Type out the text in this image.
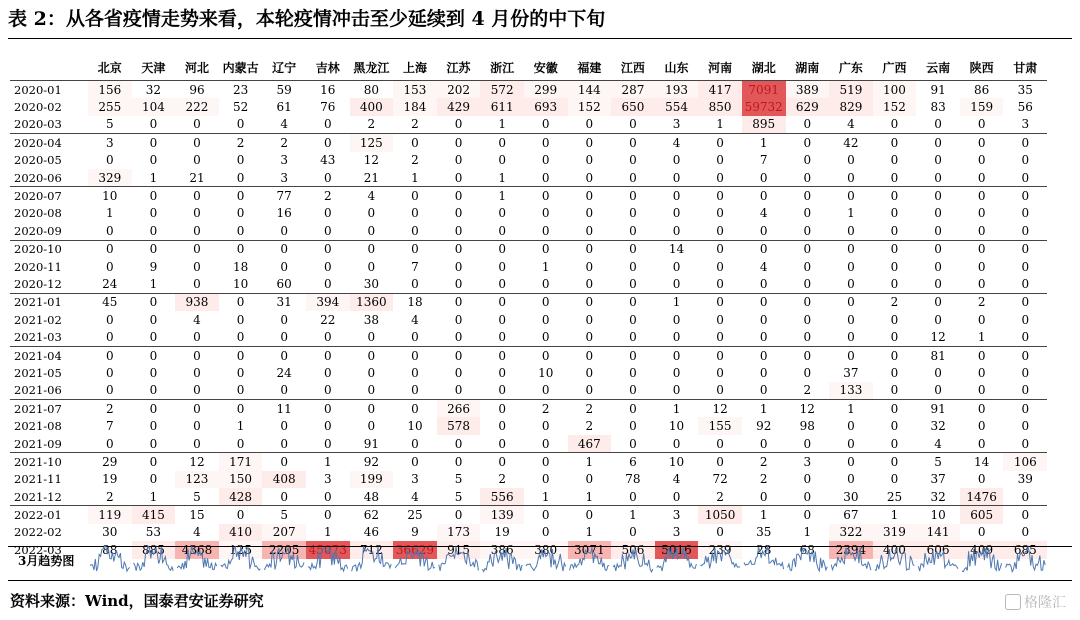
表 2：从各省疫情走势来看，本轮疫情冲击至少延续到 4 月份的中下旬
	北京	天津	河北	内蒙古	辽宁	吉林	黑龙江	上海	江苏	浙江	安徽	福建	江西	山东	河南	湖北	湖南	广东	广西	云南	陕西	甘肃
2020-01	156	32	96	23	59	16	80	153	202	572	299	144	287	193	417	7091	389	519	100	91	86	35
2020-02	255	104	222	52	61	76	400	184	429	611	693	152	650	554	850	59732	629	829	152	83	159	56
2020-03	5	0	0	0	4	0	2	2	0	1	0	0	0	3	1	895	0	4	0	0	0	3
2020-04	3	0	0	2	2	0	125	0	0	0	0	0	0	4	0	1	0	42	0	0	0	0
2020-05	0	0	0	0	3	43	12	2	0	0	0	0	0	0	0	7	0	0	0	0	0	0
2020-06	329	1	21	0	3	0	21	1	0	1	0	0	0	0	0	0	0	0	0	0	0	0
2020-07	10	0	0	0	77	2	4	0	0	1	0	0	0	0	0	0	0	0	0	0	0	0
2020-08	1	0	0	0	16	0	0	0	0	0	0	0	0	0	0	4	0	1	0	0	0	0
2020-09	0	0	0	0	0	0	0	0	0	0	0	0	0	0	0	0	0	0	0	0	0	0
2020-10	0	0	0	0	0	0	0	0	0	0	0	0	0	14	0	0	0	0	0	0	0	0
2020-11	0	9	0	18	0	0	0	7	0	0	1	0	0	0	0	4	0	0	0	0	0	0
2020-12	24	1	0	10	60	0	30	0	0	0	0	0	0	0	0	0	0	0	0	0	0	0
2021-01	45	0	938	0	31	394	1360	18	0	0	0	0	0	1	0	0	0	0	2	0	2	0
2021-02	0	0	4	0	0	22	38	4	0	0	0	0	0	0	0	0	0	0	0	0	0	0
2021-03	0	0	0	0	0	0	0	0	0	0	0	0	0	0	0	0	0	0	0	12	1	0
2021-04	0	0	0	0	0	0	0	0	0	0	0	0	0	0	0	0	0	0	0	81	0	0
2021-05	0	0	0	0	24	0	0	0	0	0	10	0	0	0	0	0	0	37	0	0	0	0
2021-06	0	0	0	0	0	0	0	0	0	0	0	0	0	0	0	0	2	133	0	0	0	0
2021-07	2	0	0	0	11	0	0	0	266	0	2	2	0	1	12	1	12	1	0	91	0	0
2021-08	7	0	0	1	0	0	0	10	578	0	0	2	0	10	155	92	98	0	0	32	0	0
2021-09	0	0	0	0	0	0	91	0	0	0	0	467	0	0	0	0	0	0	0	4	0	0
2021-10	29	0	12	171	0	1	92	0	0	0	0	1	6	10	0	2	3	0	0	5	14	106
2021-11	19	0	123	150	408	3	199	3	5	2	0	0	78	4	72	2	0	0	0	37	0	39
2021-12	2	1	5	428	0	0	48	4	5	556	1	1	0	0	2	0	0	30	25	32	1476	0
2022-01	119	415	15	0	5	0	62	25	0	139	0	0	1	3	1050	1	0	67	1	10	605	0
2022-02	30	53	4	410	207	1	46	9	173	19	0	1	0	3	0	35	1	322	319	141	0	0
2022-03	88	885	4368	125	2205	45073	712	36629	915	386	380	3071	506	5016	239	28	68	2394	400	606	409	685
3月趋势图
资料来源：Wind，国泰君安证券研究	格隆汇
